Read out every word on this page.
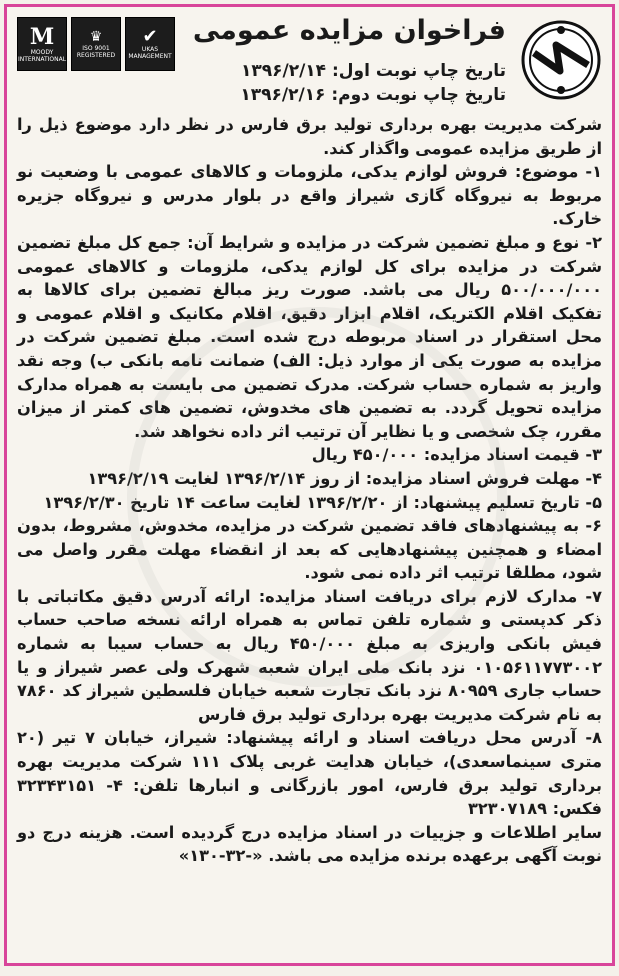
M
MOODY
INTERNATIONAL
♛
ISO 9001
REGISTERED
✔
UKAS
MANAGEMENT
فراخوان مزایده عمومی
تاریخ چاپ نوبت اول: ۱۳۹۶/۲/۱۴
تاریخ چاپ نوبت دوم: ۱۳۹۶/۲/۱۶

شرکت مدیریت بهره برداری تولید برق فارس در نظر دارد موضوع ذیل را از طریق مزایده عمومی واگذار کند.

۱- موضوع: فروش لوازم یدکی، ملزومات و کالاهای عمومی با وضعیت نو مربوط به نیروگاه گازی شیراز واقع در بلوار مدرس و نیروگاه جزیره خارک.

۲- نوع و مبلغ تضمین شرکت در مزایده و شرایط آن: جمع کل مبلغ تضمین شرکت در مزایده برای کل لوازم یدکی، ملزومات و کالاهای عمومی ۵۰۰/۰۰۰/۰۰۰ ریال می باشد. صورت ریز مبالغ تضمین برای کالاها به تفکیک اقلام الکتریک، اقلام ابزار دقیق، اقلام مکانیک و اقلام عمومی و محل استقرار در اسناد مربوطه درج شده است. مبلغ تضمین شرکت در مزایده به صورت یکی از موارد ذیل: الف) ضمانت نامه بانکی ب) وجه نقد واریز به شماره حساب شرکت. مدرک تضمین می بایست به همراه مدارک مزایده تحویل گردد. به تضمین های مخدوش، تضمین های کمتر از میزان مقرر، چک شخصی و یا نظایر آن ترتیب اثر داده نخواهد شد.

۳- قیمت اسناد مزایده: ۴۵۰/۰۰۰ ریال

۴- مهلت فروش اسناد مزایده: از روز ۱۳۹۶/۲/۱۴ لغایت ۱۳۹۶/۲/۱۹

۵- تاریخ تسلیم پیشنهاد: از ۱۳۹۶/۲/۲۰ لغایت ساعت ۱۴ تاریخ ۱۳۹۶/۲/۳۰

۶- به پیشنهادهای فاقد تضمین شرکت در مزایده، مخدوش، مشروط، بدون امضاء و همچنین پیشنهادهایی که بعد از انقضاء مهلت مقرر واصل می شود، مطلقا ترتیب اثر داده نمی شود.

۷- مدارک لازم برای دریافت اسناد مزایده: ارائه آدرس دقیق مکاتباتی با ذکر کدپستی و شماره تلفن تماس به همراه ارائه نسخه صاحب حساب فیش بانکی واریزی به مبلغ ۴۵۰/۰۰۰ ریال به حساب سیبا به شماره ۰۱۰۵۶۱۱۷۷۳۰۰۲ نزد بانک ملی ایران شعبه شهرک ولی عصر شیراز و یا حساب جاری ۸۰۹۵۹ نزد بانک تجارت شعبه خیابان فلسطین شیراز کد ۷۸۶۰ به نام شرکت مدیریت بهره برداری تولید برق فارس

۸- آدرس محل دریافت اسناد و ارائه پیشنهاد: شیراز، خیابان ۷ تیر (۲۰ متری سینماسعدی)، خیابان هدایت غربی پلاک ۱۱۱ شرکت مدیریت بهره برداری تولید برق فارس، امور بازرگانی و انبارها تلفن: ۴- ۳۲۳۴۳۱۵۱ فکس: ۳۲۳۰۷۱۸۹

سایر اطلاعات و جزییات در اسناد مزایده درج گردیده است. هزینه درج دو نوبت آگهی برعهده برنده مزایده می باشد. «۱۳۰-۳۲-»
